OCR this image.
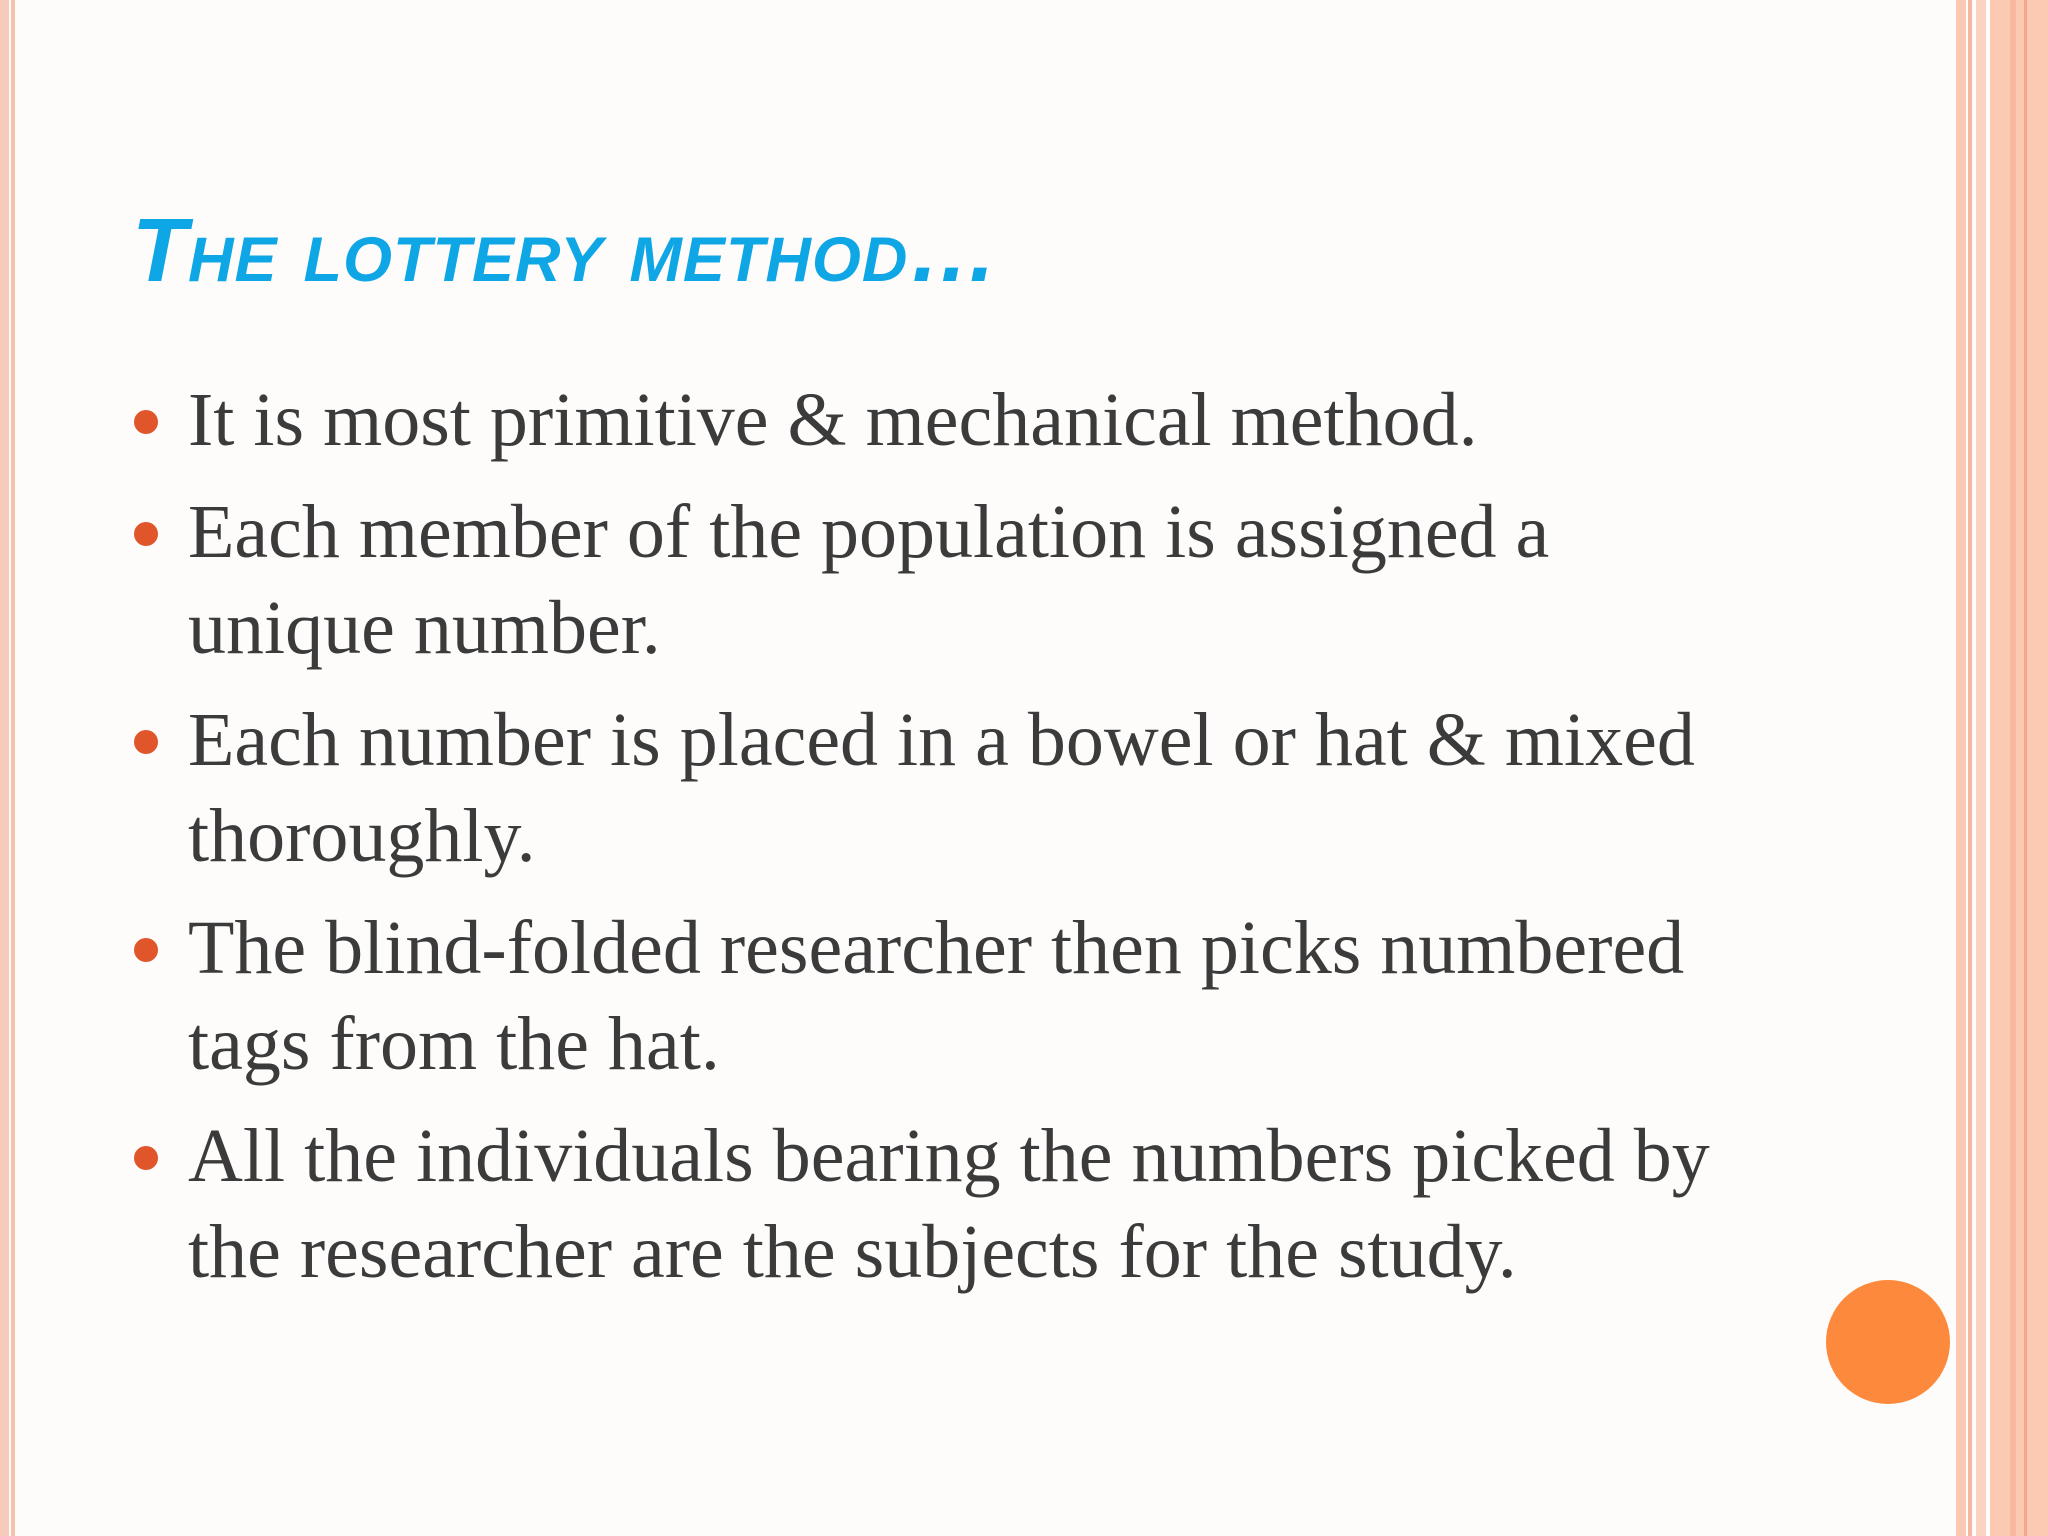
The lottery method…
It is most primitive & mechanical method.
Each member of the population is assigned a unique number.
Each number is placed in a bowel or hat & mixed thoroughly.
The blind-folded researcher then picks numbered tags from the hat.
All the individuals bearing the numbers picked by the researcher are the subjects for the study.
